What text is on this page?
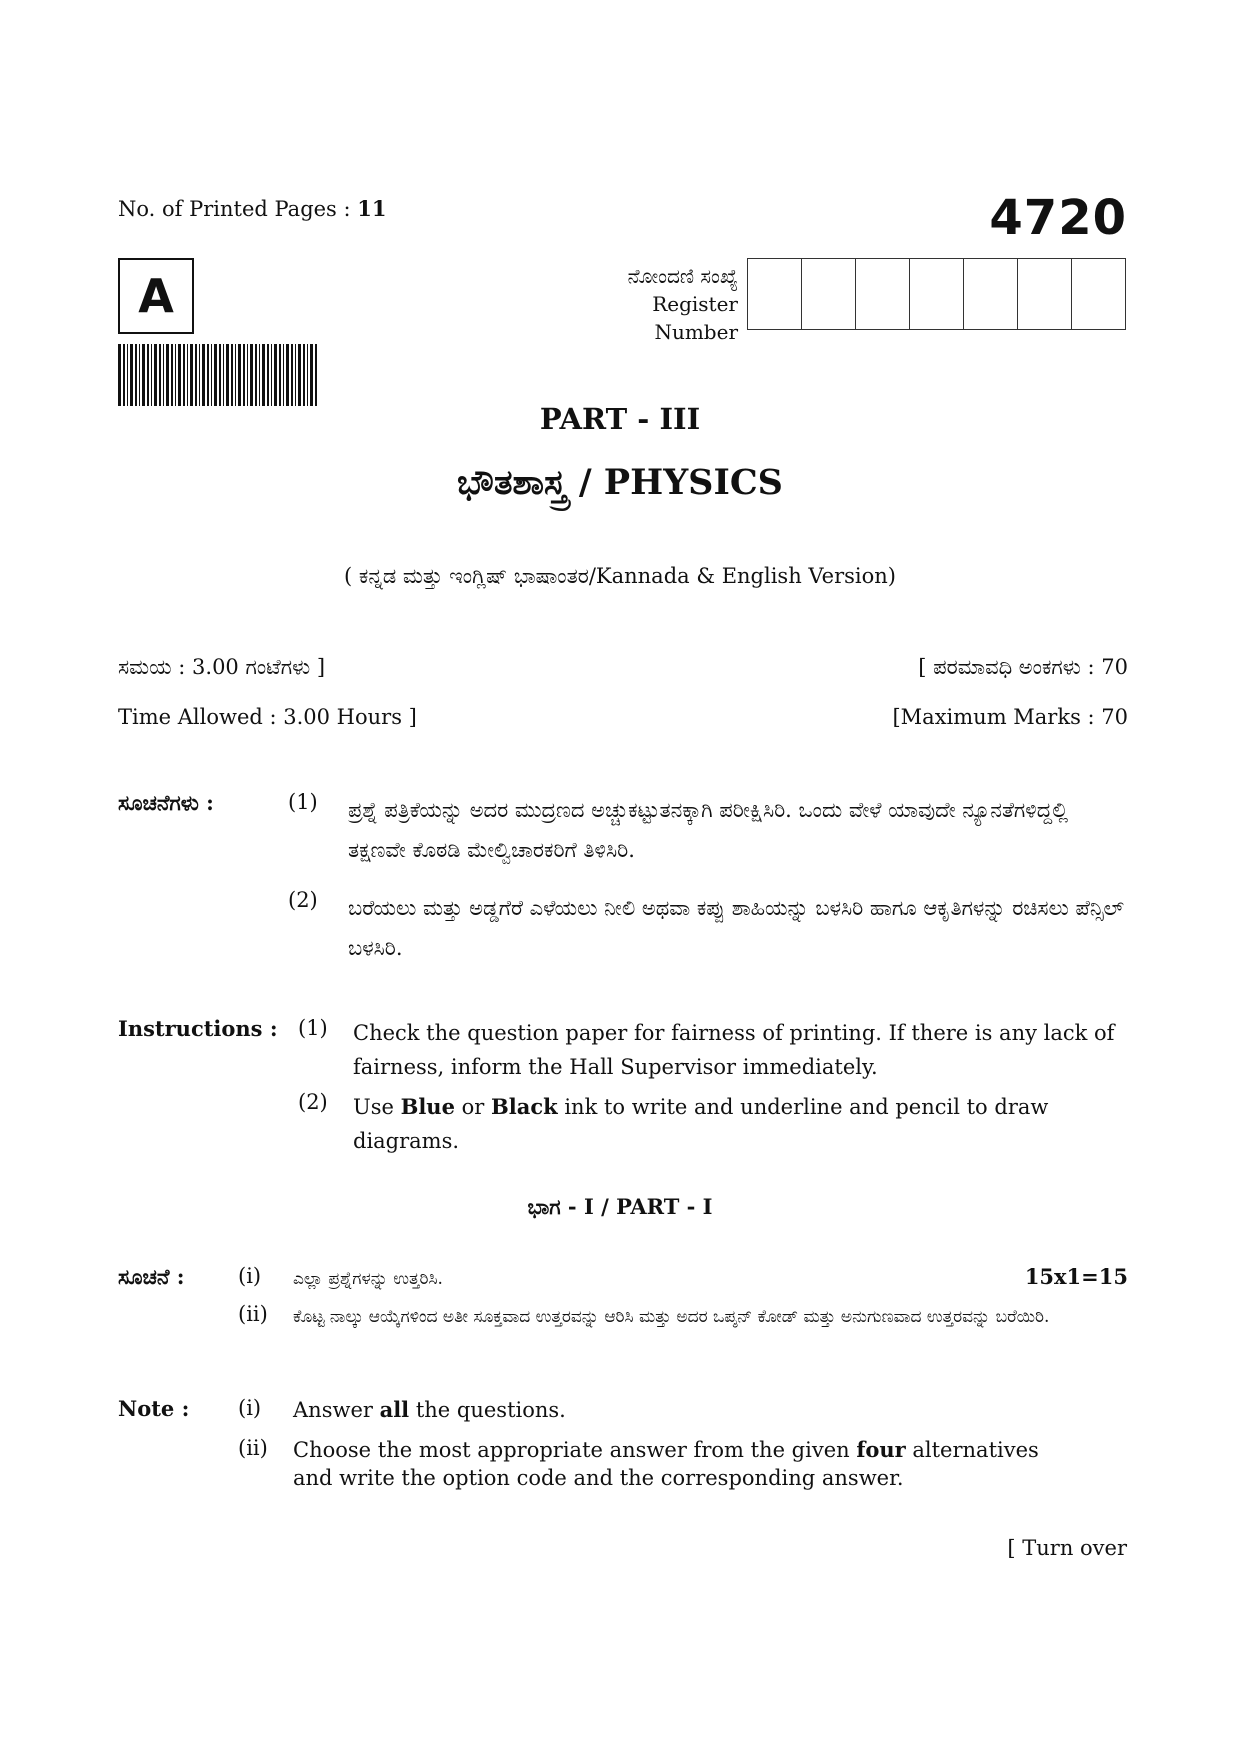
No. of Printed Pages : 11	4720
A	ನೋಂದಣಿ ಸಂಖ್ಯೆ
Register
Number
PART - III
ಭೌತಶಾಸ್ತ್ರ / PHYSICS
( ಕನ್ನಡ ಮತ್ತು ಇಂಗ್ಲಿಷ್ ಭಾಷಾಂತರ/Kannada & English Version)
ಸಮಯ : 3.00 ಗಂಟೆಗಳು ]	[ ಪರಮಾವಧಿ ಅಂಕಗಳು : 70
Time Allowed : 3.00 Hours ]	[Maximum Marks : 70
ಸೂಚನೆಗಳು :	(1)	ಪ್ರಶ್ನೆ ಪತ್ರಿಕೆಯನ್ನು ಅದರ ಮುದ್ರಣದ ಅಚ್ಚುಕಟ್ಟುತನಕ್ಕಾಗಿ ಪರೀಕ್ಷಿಸಿರಿ. ಒಂದು ವೇಳೆ ಯಾವುದೇ ನ್ಯೂನತೆಗಳಿದ್ದಲ್ಲಿ ತಕ್ಷಣವೇ ಕೊಠಡಿ ಮೇಲ್ವಿಚಾರಕರಿಗೆ ತಿಳಿಸಿರಿ.
(2)	ಬರೆಯಲು ಮತ್ತು ಅಡ್ಡಗೆರೆ ಎಳೆಯಲು ನೀಲಿ ಅಥವಾ ಕಪ್ಪು ಶಾಹಿಯನ್ನು ಬಳಸಿರಿ ಹಾಗೂ ಆಕೃತಿಗಳನ್ನು ರಚಿಸಲು ಪೆನ್ಸಿಲ್ ಬಳಸಿರಿ.
Instructions : (1)	Check the question paper for fairness of printing. If there is any lack of fairness, inform the Hall Supervisor immediately.
(2)	Use Blue or Black ink to write and underline and pencil to draw diagrams.
ಭಾಗ - I / PART - I
ಸೂಚನೆ :	(i)	ಎಲ್ಲಾ ಪ್ರಶ್ನೆಗಳನ್ನು ಉತ್ತರಿಸಿ.	15x1=15
(ii)	ಕೊಟ್ಟ ನಾಲ್ಕು ಆಯ್ಕೆಗಳಿಂದ ಅತೀ ಸೂಕ್ತವಾದ ಉತ್ತರವನ್ನು ಆರಿಸಿ ಮತ್ತು ಅದರ ಒಪ್ಶನ್ ಕೋಡ್ ಮತ್ತು ಅನುಗುಣವಾದ ಉತ್ತರವನ್ನು ಬರೆಯಿರಿ.
Note :	(i)	Answer all the questions.
(ii)	Choose the most appropriate answer from the given four alternatives and write the option code and the corresponding answer.
[ Turn over
